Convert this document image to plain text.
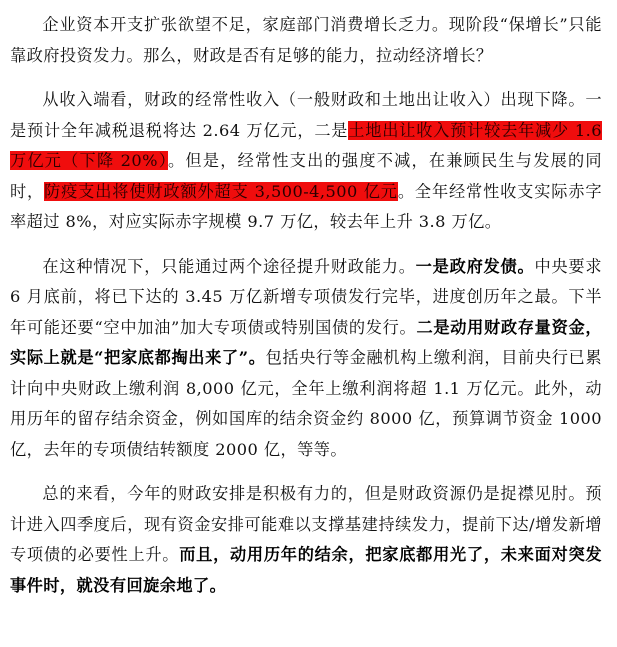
企业资本开支扩张欲望不足，家庭部门消费增长乏力。现阶段“保增长”只能靠政府投资发力。那么，财政是否有足够的能力，拉动经济增长？

从收入端看，财政的经常性收入（一般财政和土地出让收入）出现下降。一是预计全年减税退税将达 2.64 万亿元，二是土地出让收入预计较去年减少 1.6 万亿元（下降 20%）。但是，经常性支出的强度不减，在兼顾民生与发展的同时，防疫支出将使财政额外超支 3,500-4,500 亿元。全年经常性收支实际赤字率超过 8%，对应实际赤字规模 9.7 万亿，较去年上升 3.8 万亿。

在这种情况下，只能通过两个途径提升财政能力。一是政府发债。中央要求 6 月底前，将已下达的 3.45 万亿新增专项债发行完毕，进度创历年之最。下半年可能还要“空中加油”加大专项债或特别国债的发行。二是动用财政存量资金，实际上就是“把家底都掏出来了”。包括央行等金融机构上缴利润，目前央行已累计向中央财政上缴利润 8,000 亿元，全年上缴利润将超 1.1 万亿元。此外，动用历年的留存结余资金，例如国库的结余资金约 8000 亿，预算调节资金 1000 亿，去年的专项债结转额度 2000 亿，等等。

总的来看，今年的财政安排是积极有力的，但是财政资源仍是捉襟见肘。预计进入四季度后，现有资金安排可能难以支撑基建持续发力，提前下达/增发新增专项债的必要性上升。而且，动用历年的结余，把家底都用光了，未来面对突发事件时，就没有回旋余地了。
